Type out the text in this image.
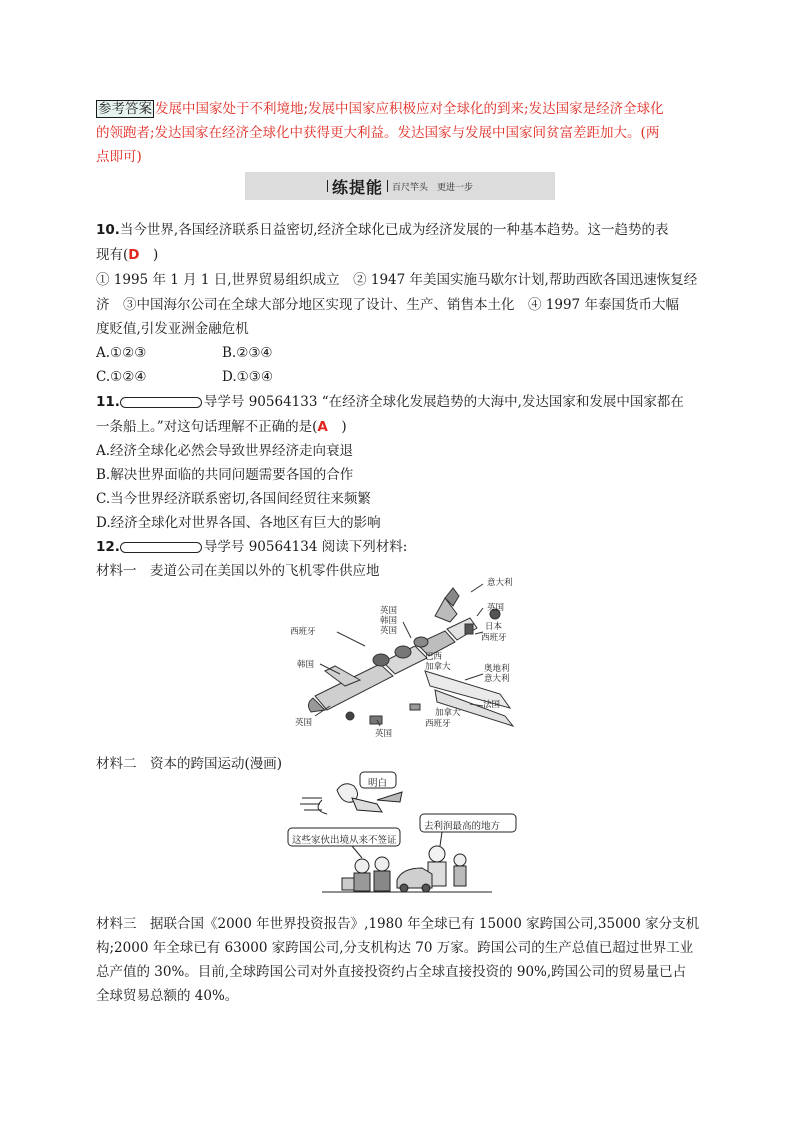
参考答案 发展中国家处于不利境地;发展中国家应积极应对全球化的到来;发达国家是经济全球化
的领跑者;发达国家在经济全球化中获得更大利益。发达国家与发展中国家间贫富差距加大。(两
点即可)
练提能 百尺竿头　更进一步
10.当今世界,各国经济联系日益密切,经济全球化已成为经济发展的一种基本趋势。这一趋势的表
现有(D　)
① 1995 年 1 月 1 日,世界贸易组织成立　② 1947 年美国实施马歇尔计划,帮助西欧各国迅速恢复经
济　③中国海尔公司在全球大部分地区实现了设计、生产、销售本土化　④ 1997 年泰国货币大幅
度贬值,引发亚洲金融危机
A.①②③	B.②③④
C.①②④	D.①③④
11.	导学号 90564133 “在经济全球化发展趋势的大海中,发达国家和发展中国家都在
一条船上。”对这句话理解不正确的是(A　)
A.经济全球化必然会导致世界经济走向衰退
B.解决世界面临的共同问题需要各国的合作
C.当今世界经济联系密切,各国间经贸往来频繁
D.经济全球化对世界各国、各地区有巨大的影响
12.	导学号 90564134 阅读下列材料:
材料一　麦道公司在美国以外的飞机零件供应地
意大利
英国
日本
西班牙
英国
韩国
英国
西班牙
巴西
加拿大	奥地利
意大利
韩国
法国
加拿大
西班牙
英国
英国
材料二　资本的跨国运动(漫画)
明白
去利润最高的地方
这些家伙出境从来不签证
材料三　据联合国《2000 年世界投资报告》,1980 年全球已有 15000 家跨国公司,35000 家分支机
构;2000 年全球已有 63000 家跨国公司,分支机构达 70 万家。跨国公司的生产总值已超过世界工业
总产值的 30%。目前,全球跨国公司对外直接投资约占全球直接投资的 90%,跨国公司的贸易量已占
全球贸易总额的 40%。
